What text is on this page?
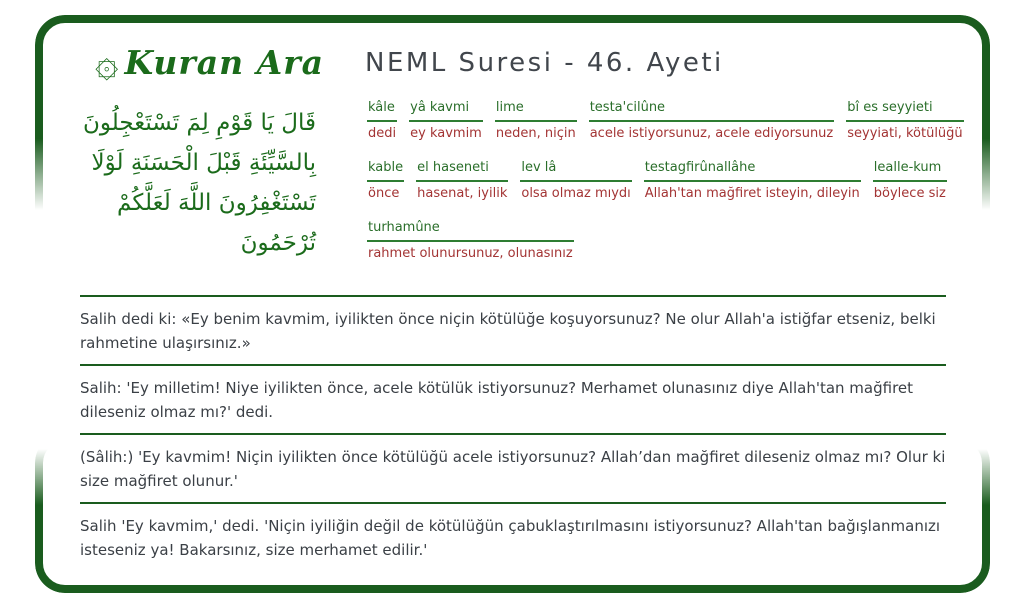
۞ Kuran Ara
قَالَ يَا قَوْمِ لِمَ تَسْتَعْجِلُونَ بِالسَّيِّئَةِ قَبْلَ الْحَسَنَةِ لَوْلَا تَسْتَغْفِرُونَ اللَّهَ لَعَلَّكُمْ تُرْحَمُونَ
NEML Suresi - 46. Ayeti
kâle
dedi
yâ kavmi
ey kavmim
lime
neden, niçin
testa'cilûne
acele istiyorsunuz, acele ediyorsunuz
bî es seyyieti
seyyiati, kötülüğü
kable
önce
el haseneti
hasenat, iyilik
lev lâ
olsa olmaz mıydı
testagfirûnallâhe
Allah'tan mağfiret isteyin, dileyin
lealle-kum
böylece siz
turhamûne
rahmet olunursunuz, olunasınız

Salih dedi ki: «Ey benim kavmim, iyilikten önce niçin kötülüğe koşuyorsunuz? Ne olur Allah'a istiğfar etseniz, belki rahmetine ulaşırsınız.»

Salih: 'Ey milletim! Niye iyilikten önce, acele kötülük istiyorsunuz? Merhamet olunasınız diye Allah'tan mağfiret dileseniz olmaz mı?' dedi.

(Sâlih:) 'Ey kavmim! Niçin iyilikten önce kötülüğü acele istiyorsunuz? Allah’dan mağfiret dileseniz olmaz mı? Olur ki size mağfiret olunur.'

Salih 'Ey kavmim,' dedi. 'Niçin iyiliğin değil de kötülüğün çabuklaştırılmasını istiyorsunuz? Allah'tan bağışlanmanızı isteseniz ya! Bakarsınız, size merhamet edilir.'
